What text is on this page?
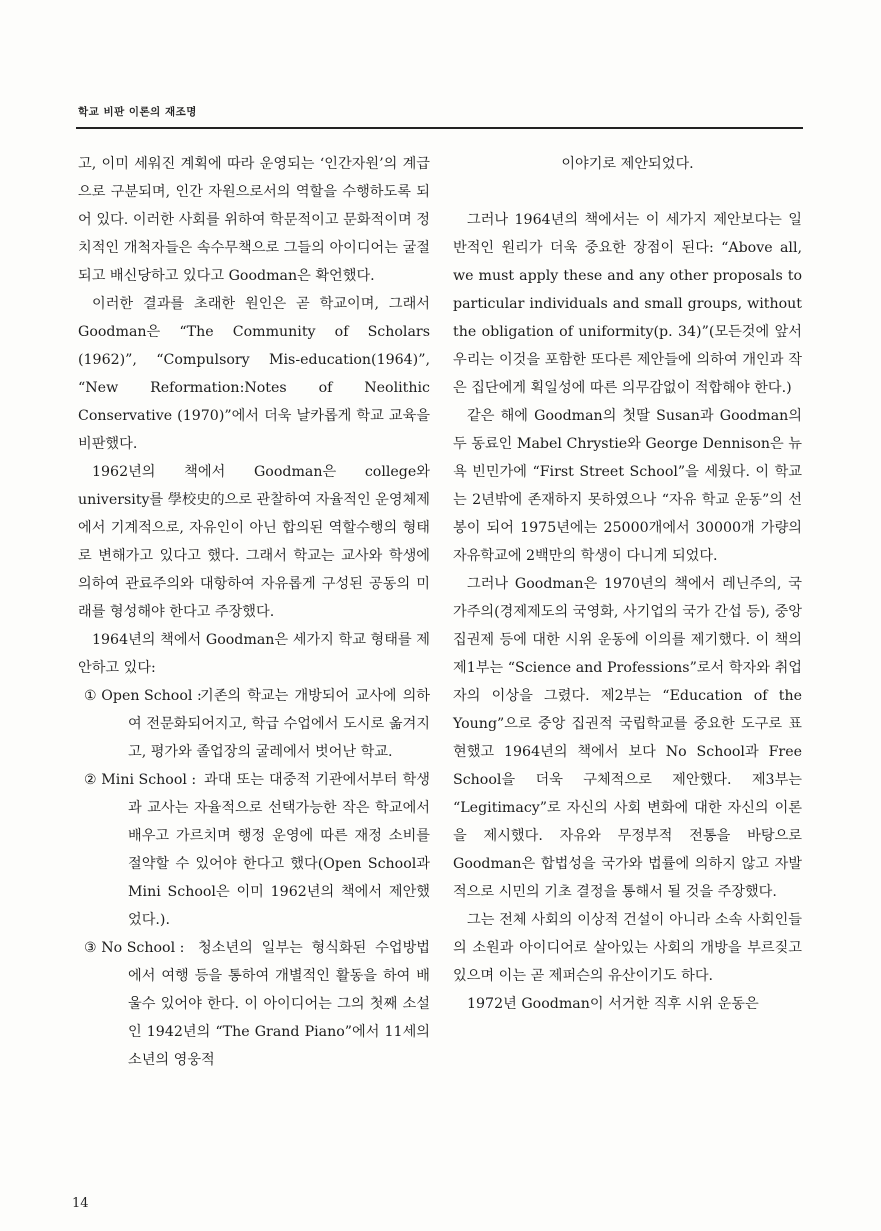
학교 비판 이론의 재조명

고, 이미 세워진 계획에 따라 운영되는 ‘인간자원’의 계급으로 구분되며, 인간 자원으로서의 역할을 수행하도록 되어 있다. 이러한 사회를 위하여 학문적이고 문화적이며 정치적인 개척자들은 속수무책으로 그들의 아이디어는 굴절되고 배신당하고 있다고 Goodman은 확언했다.

이러한 결과를 초래한 원인은 곧 학교이며, 그래서 Goodman은 “The Community of Scholars (1962)”, “Compulsory Mis-education(1964)”, “New Reformation:Notes of Neolithic Conservative (1970)”에서 더욱 날카롭게 학교 교육을 비판했다.

1962년의 책에서 Goodman은 college와 university를 學校史的으로 관찰하여 자율적인 운영체제에서 기계적으로, 자유인이 아닌 합의된 역할수행의 형태로 변해가고 있다고 했다. 그래서 학교는 교사와 학생에 의하여 관료주의와 대항하여 자유롭게 구성된 공동의 미래를 형성해야 한다고 주장했다.

1964년의 책에서 Goodman은 세가지 학교 형태를 제안하고 있다:

① Open School :
기존의 학교는 개방되어 교사에 의하여 전문화되어지고, 학급 수업에서 도시로 옮겨지고, 평가와 졸업장의 굴레에서 벗어난 학교.
② Mini School : 과대 또는 대중적 기관에서부터 학생과 교사는 자율적으로 선택가능한 작은 학교에서 배우고 가르치며 행정 운영에 따른 재정 소비를 절약할 수 있어야 한다고 했다(Open School과 Mini School은 이미 1962년의 책에서 제안했었다.).
③ No School : 청소년의 일부는 형식화된 수업방법에서 여행 등을 통하여 개별적인 활동을 하여 배울수 있어야 한다. 이 아이디어는 그의 첫째 소설인 1942년의 “The Grand Piano”에서 11세의 소년의 영웅적

이야기로 제안되었다.

그러나 1964년의 책에서는 이 세가지 제안보다는 일반적인 원리가 더욱 중요한 장점이 된다: “Above all, we must apply these and any other proposals to particular individuals and small groups, without the obligation of uniformity(p. 34)”(모든것에 앞서 우리는 이것을 포함한 또다른 제안들에 의하여 개인과 작은 집단에게 획일성에 따른 의무감없이 적합해야 한다.)

같은 해에 Goodman의 첫딸 Susan과 Goodman의 두 동료인 Mabel Chrystie와 George Dennison은 뉴욕 빈민가에 “First Street School”을 세웠다. 이 학교는 2년밖에 존재하지 못하였으나 “자유 학교 운동”의 선봉이 되어 1975년에는 25000개에서 30000개 가량의 자유학교에 2백만의 학생이 다니게 되었다.

그러나 Goodman은 1970년의 책에서 레닌주의, 국가주의(경제제도의 국영화, 사기업의 국가 간섭 등), 중앙 집권제 등에 대한 시위 운동에 이의를 제기했다. 이 책의 제1부는 “Science and Professions”로서 학자와 취업자의 이상을 그렸다. 제2부는 “Education of the Young”으로 중앙 집권적 국립학교를 중요한 도구로 표현했고 1964년의 책에서 보다 No School과 Free School을 더욱 구체적으로 제안했다. 제3부는 “Legitimacy”로 자신의 사회 변화에 대한 자신의 이론을 제시했다. 자유와 무정부적 전통을 바탕으로 Goodman은 합법성을 국가와 법률에 의하지 않고 자발적으로 시민의 기초 결정을 통해서 될 것을 주장했다.

그는 전체 사회의 이상적 건설이 아니라 소속 사회인들의 소원과 아이디어로 살아있는 사회의 개방을 부르짖고 있으며 이는 곧 제퍼슨의 유산이기도 하다.

1972년 Goodman이 서거한 직후 시위 운동은

14
